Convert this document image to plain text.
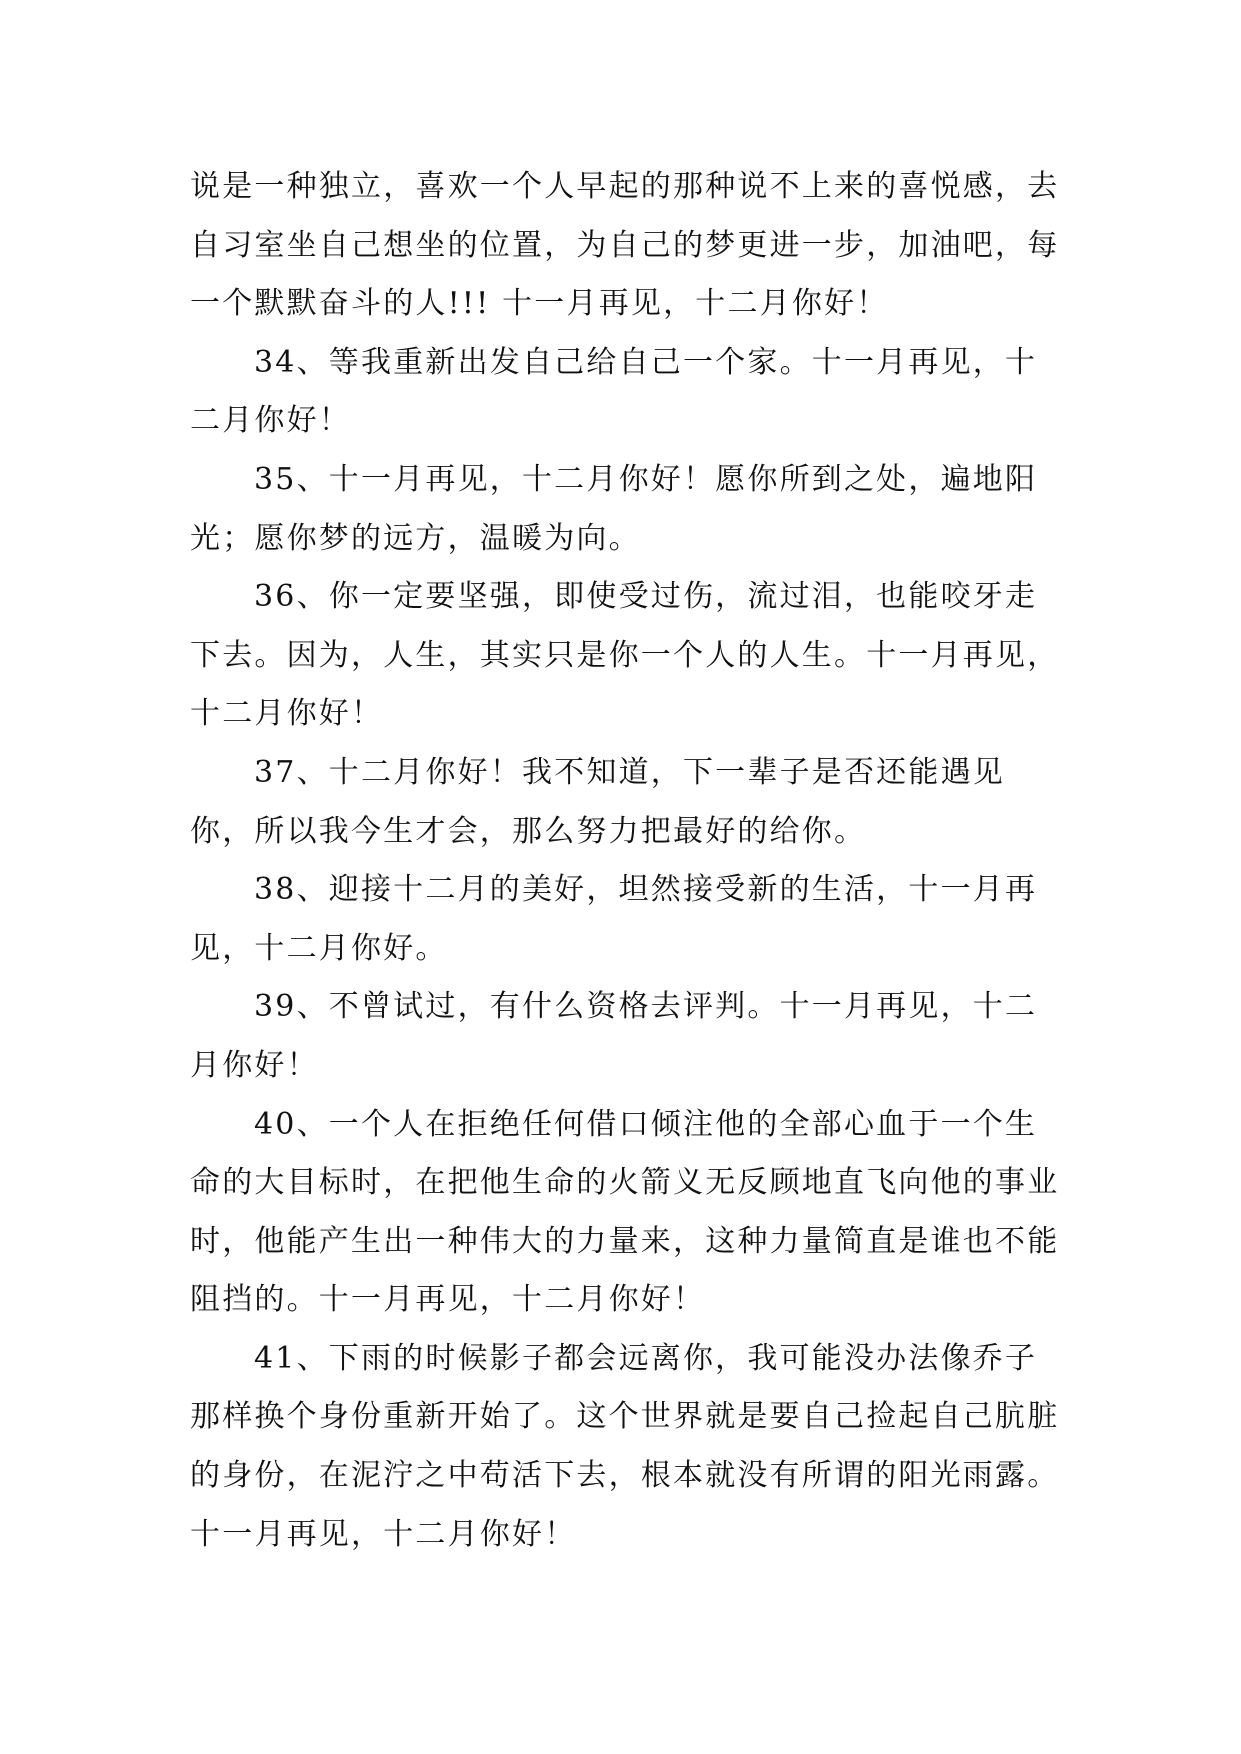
说是一种独立，喜欢一个人早起的那种说不上来的喜悦感，去自习室坐自己想坐的位置，为自己的梦更进一步，加油吧，每一个默默奋斗的人!!! 十一月再见，十二月你好！

34、等我重新出发自己给自己一个家。十一月再见，十二月你好！

35、十一月再见，十二月你好！愿你所到之处，遍地阳光；愿你梦的远方，温暖为向。

36、你一定要坚强，即使受过伤，流过泪，也能咬牙走下去。因为，人生，其实只是你一个人的人生。十一月再见，十二月你好！

37、十二月你好！我不知道，下一辈子是否还能遇见你，所以我今生才会，那么努力把最好的给你。

38、迎接十二月的美好，坦然接受新的生活，十一月再见，十二月你好。

39、不曾试过，有什么资格去评判。十一月再见，十二月你好！

40、一个人在拒绝任何借口倾注他的全部心血于一个生命的大目标时，在把他生命的火箭义无反顾地直飞向他的事业时，他能产生出一种伟大的力量来，这种力量简直是谁也不能阻挡的。十一月再见，十二月你好！

41、下雨的时候影子都会远离你，我可能没办法像乔子那样换个身份重新开始了。这个世界就是要自己捡起自己肮脏的身份，在泥泞之中苟活下去，根本就没有所谓的阳光雨露。十一月再见，十二月你好！
